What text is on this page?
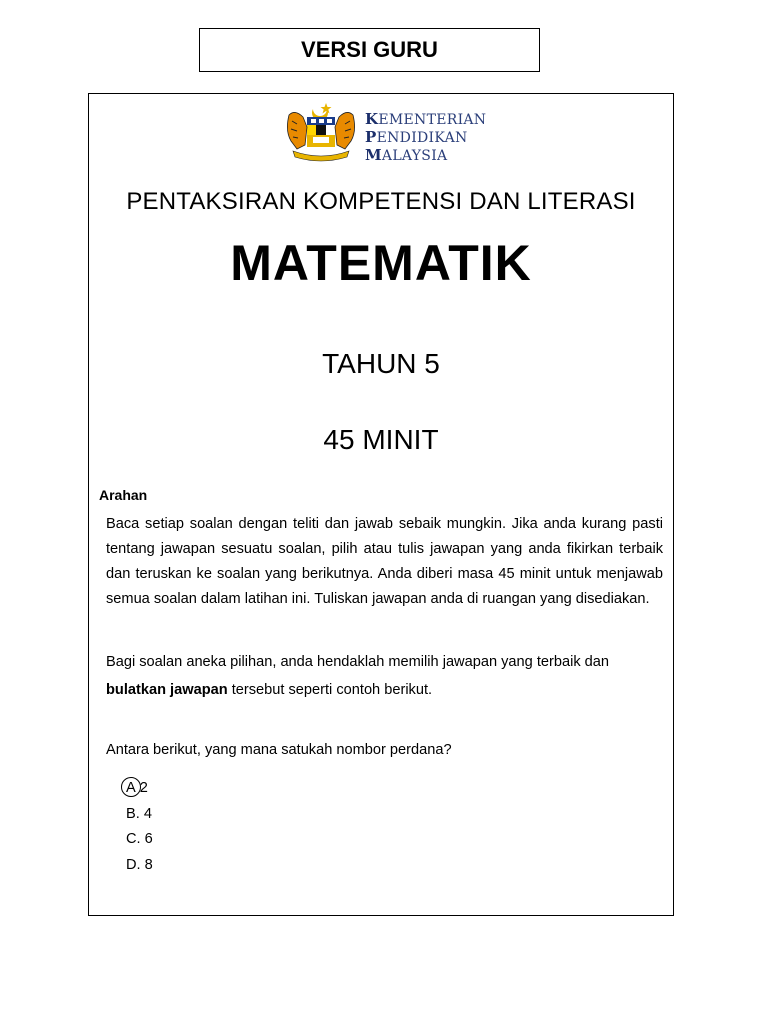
VERSI GURU
KEMENTERIAN
PENDIDIKAN
MALAYSIA
PENTAKSIRAN KOMPETENSI DAN LITERASI
MATEMATIK
TAHUN 5
45 MINIT
Arahan
Baca setiap soalan dengan teliti dan jawab sebaik mungkin. Jika anda kurang pasti tentang jawapan sesuatu soalan, pilih atau tulis jawapan yang anda fikirkan terbaik dan teruskan ke soalan yang berikutnya. Anda diberi masa 45 minit untuk menjawab semua soalan dalam latihan ini. Tuliskan jawapan anda di ruangan yang disediakan.
Bagi soalan aneka pilihan, anda hendaklah memilih jawapan yang terbaik dan
bulatkan jawapan tersebut seperti contoh berikut.
Antara berikut, yang mana satukah nombor perdana?
A 2
B. 4
C. 6
D. 8
